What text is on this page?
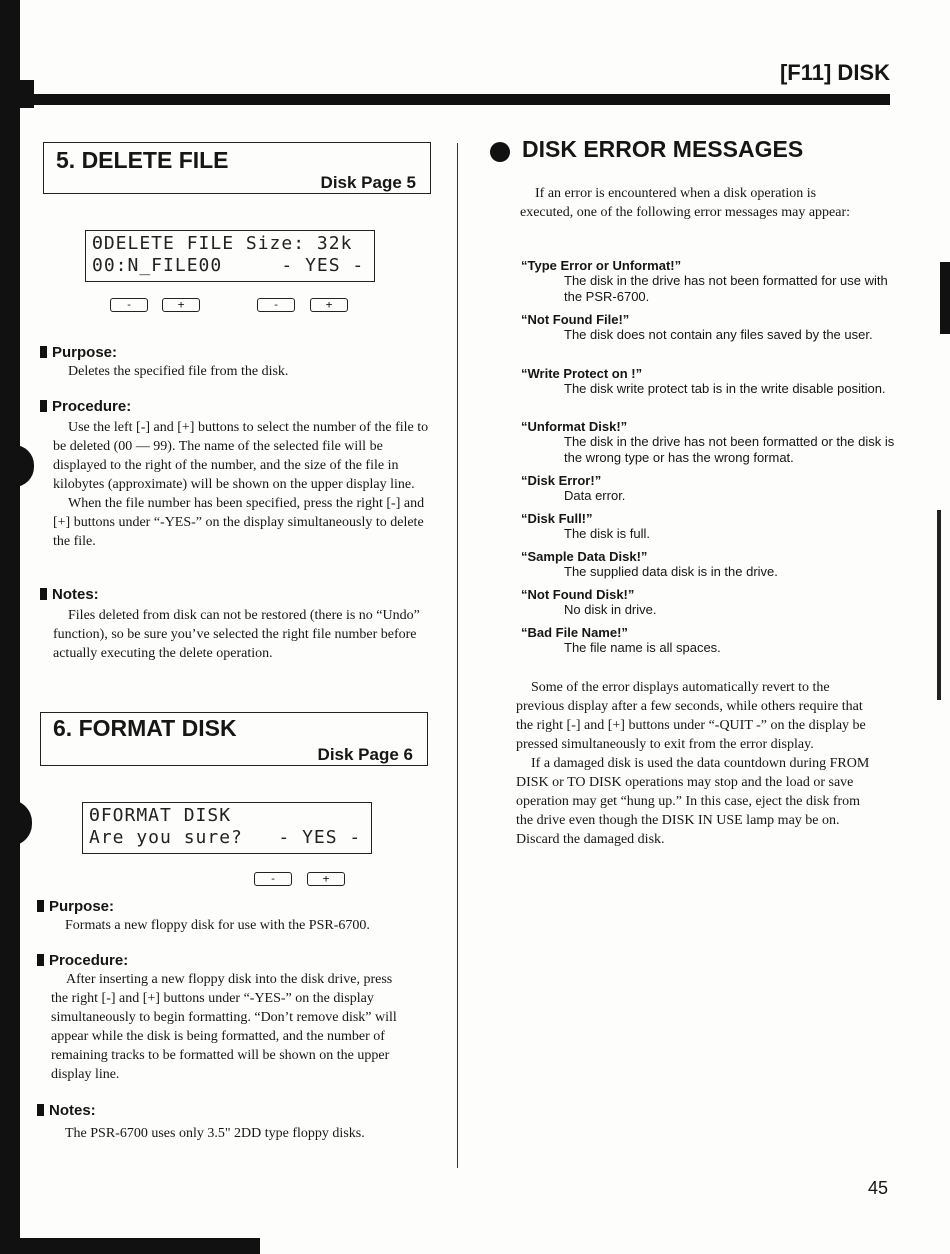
[F11] DISK
5. DELETE FILE
Disk Page 5
ΘDELETE FILE Size: 32k
00:N_FILE00     - YES -
-	+	-	+
Purpose:
Deletes the specified file from the disk.
Procedure:

Use the left [-] and [+] buttons to select the number of the file to be deleted (00 — 99). The name of the selected file will be displayed to the right of the number, and the size of the file in kilobytes (approximate) will be shown on the upper display line.

When the file number has been specified, press the right [-] and [+] buttons under “-YES-” on the display simultaneously to delete the file.

Notes:

Files deleted from disk can not be restored (there is no “Undo” function), so be sure you’ve selected the right file number before actually executing the delete operation.

6. FORMAT DISK
Disk Page 6
ΘFORMAT DISK
Are you sure?   - YES -
-	+
Purpose:
Formats a new floppy disk for use with the PSR-6700.
Procedure:

After inserting a new floppy disk into the disk drive, press the right [-] and [+] buttons under “-YES-” on the display simultaneously to begin formatting. “Don’t remove disk” will appear while the disk is being formatted, and the number of remaining tracks to be formatted will be shown on the upper display line.

Notes:
The PSR-6700 uses only 3.5" 2DD type floppy disks.
DISK ERROR MESSAGES

If an error is encountered when a disk operation is executed, one of the following error messages may appear:

“Type Error or Unformat!”
The disk in the drive has not been formatted for use with the PSR-6700.
“Not Found File!”
The disk does not contain any files saved by the user.
“Write Protect on !”
The disk write protect tab is in the write disable position.
“Unformat Disk!”
The disk in the drive has not been formatted or the disk is the wrong type or has the wrong format.
“Disk Error!”
Data error.
“Disk Full!”
The disk is full.
“Sample Data Disk!”
The supplied data disk is in the drive.
“Not Found Disk!”
No disk in drive.
“Bad File Name!”
The file name is all spaces.

Some of the error displays automatically revert to the previous display after a few seconds, while others require that the right [-] and [+] buttons under “-QUIT -” on the display be pressed simultaneously to exit from the error display.

If a damaged disk is used the data countdown during FROM DISK or TO DISK operations may stop and the load or save operation may get “hung up.” In this case, eject the disk from the drive even though the DISK IN USE lamp may be on. Discard the damaged disk.

45
